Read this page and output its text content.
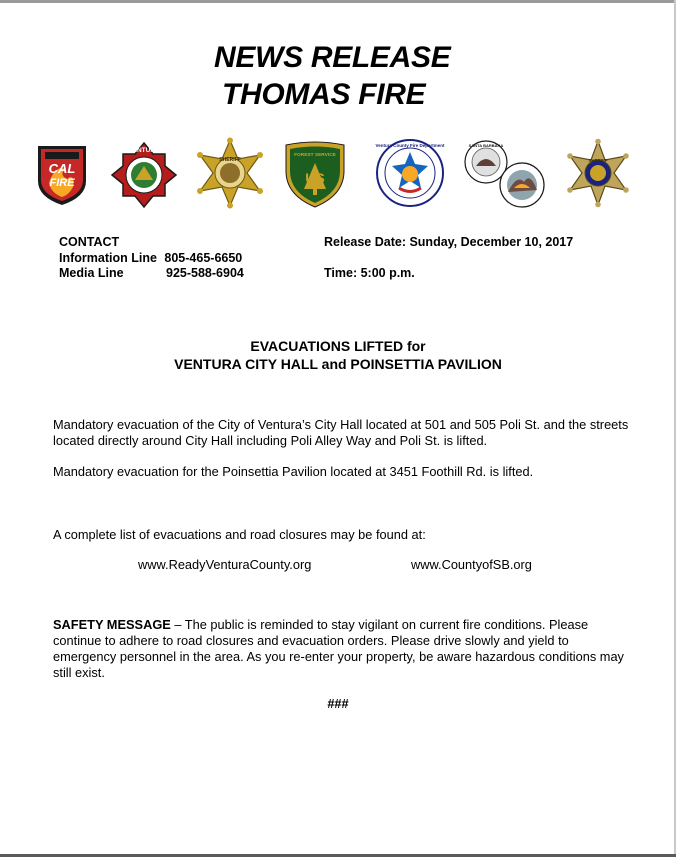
NEWS RELEASE
THOMAS FIRE
CAL
FIRE
VENTURA
SHERIFF
US
FOREST SERVICE
Ventura County Fire Department	SANTA BARBARA
SHERIFF
CONTACT
Information Line 805-465-6650
Media Line	925-588-6904
Release Date: Sunday, December 10, 2017
Time: 5:00 p.m.
EVACUATIONS LIFTED for
VENTURA CITY HALL and POINSETTIA PAVILION
Mandatory evacuation of the City of Ventura’s City Hall located at 501 and 505 Poli St. and the streets located directly around City Hall including Poli Alley Way and Poli St. is lifted.
Mandatory evacuation for the Poinsettia Pavilion located at 3451 Foothill Rd. is lifted.
A complete list of evacuations and road closures may be found at:
www.ReadyVenturaCounty.org	www.CountyofSB.org
SAFETY MESSAGE – The public is reminded to stay vigilant on current fire conditions. Please continue to adhere to road closures and evacuation orders. Please drive slowly and yield to emergency personnel in the area. As you re-enter your property, be aware hazardous conditions may still exist.
###
